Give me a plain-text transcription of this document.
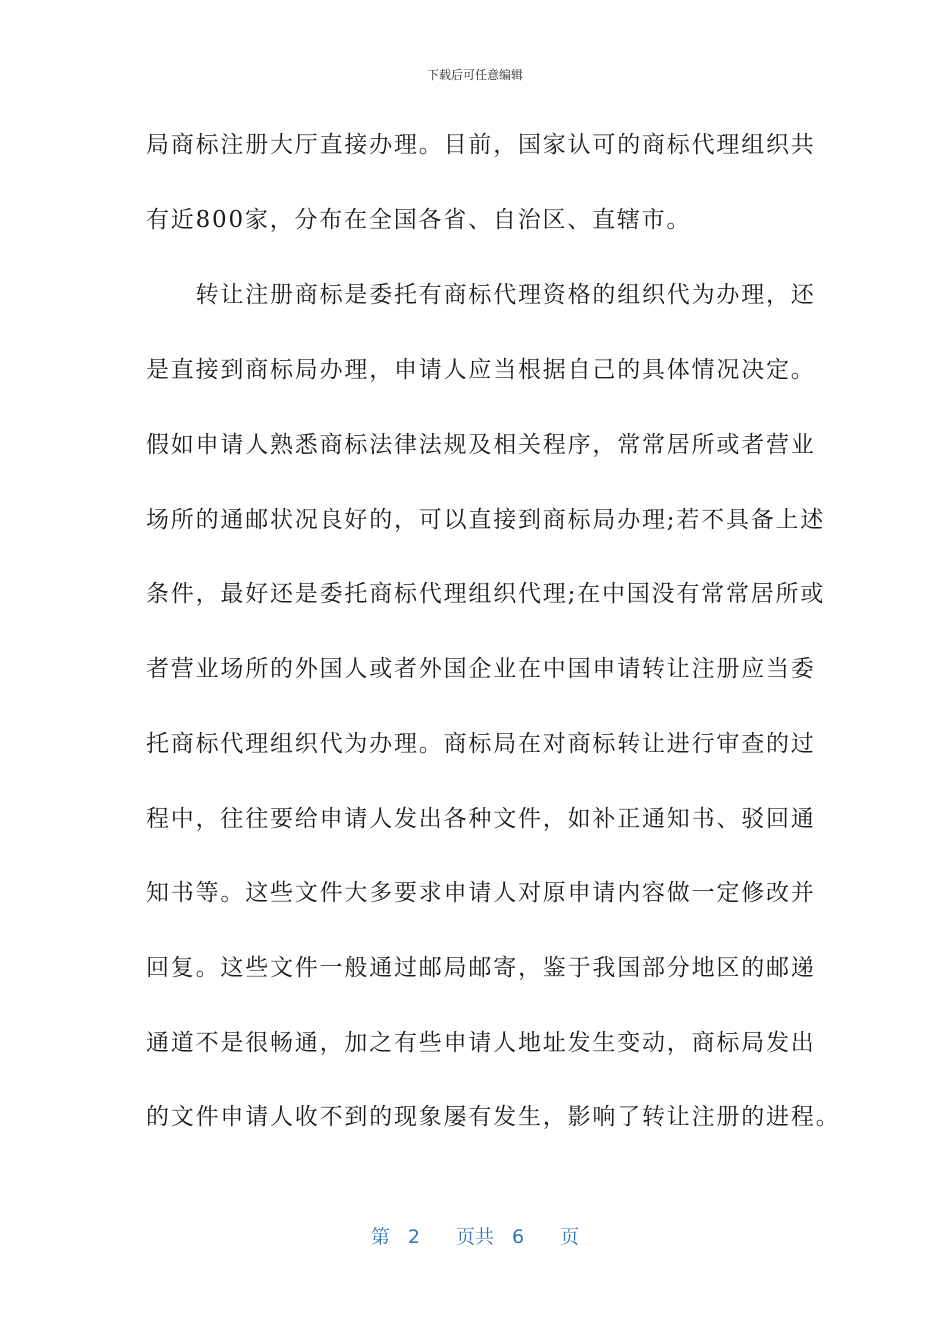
下载后可任意编辑
局商标注册大厅直接办理。目前，国家认可的商标代理组织共
有近800家，分布在全国各省、自治区、直辖市。
　　转让注册商标是委托有商标代理资格的组织代为办理，还
是直接到商标局办理，申请人应当根据自己的具体情况决定。
假如申请人熟悉商标法律法规及相关程序，常常居所或者营业
场所的通邮状况良好的，可以直接到商标局办理;若不具备上述
条件，最好还是委托商标代理组织代理;在中国没有常常居所或
者营业场所的外国人或者外国企业在中国申请转让注册应当委
托商标代理组织代为办理。商标局在对商标转让进行审查的过
程中，往往要给申请人发出各种文件，如补正通知书、驳回通
知书等。这些文件大多要求申请人对原申请内容做一定修改并
回复。这些文件一般通过邮局邮寄，鉴于我国部分地区的邮递
通道不是很畅通，加之有些申请人地址发生变动，商标局发出
的文件申请人收不到的现象屡有发生，影响了转让注册的进程。
第 2 页共 6 页
